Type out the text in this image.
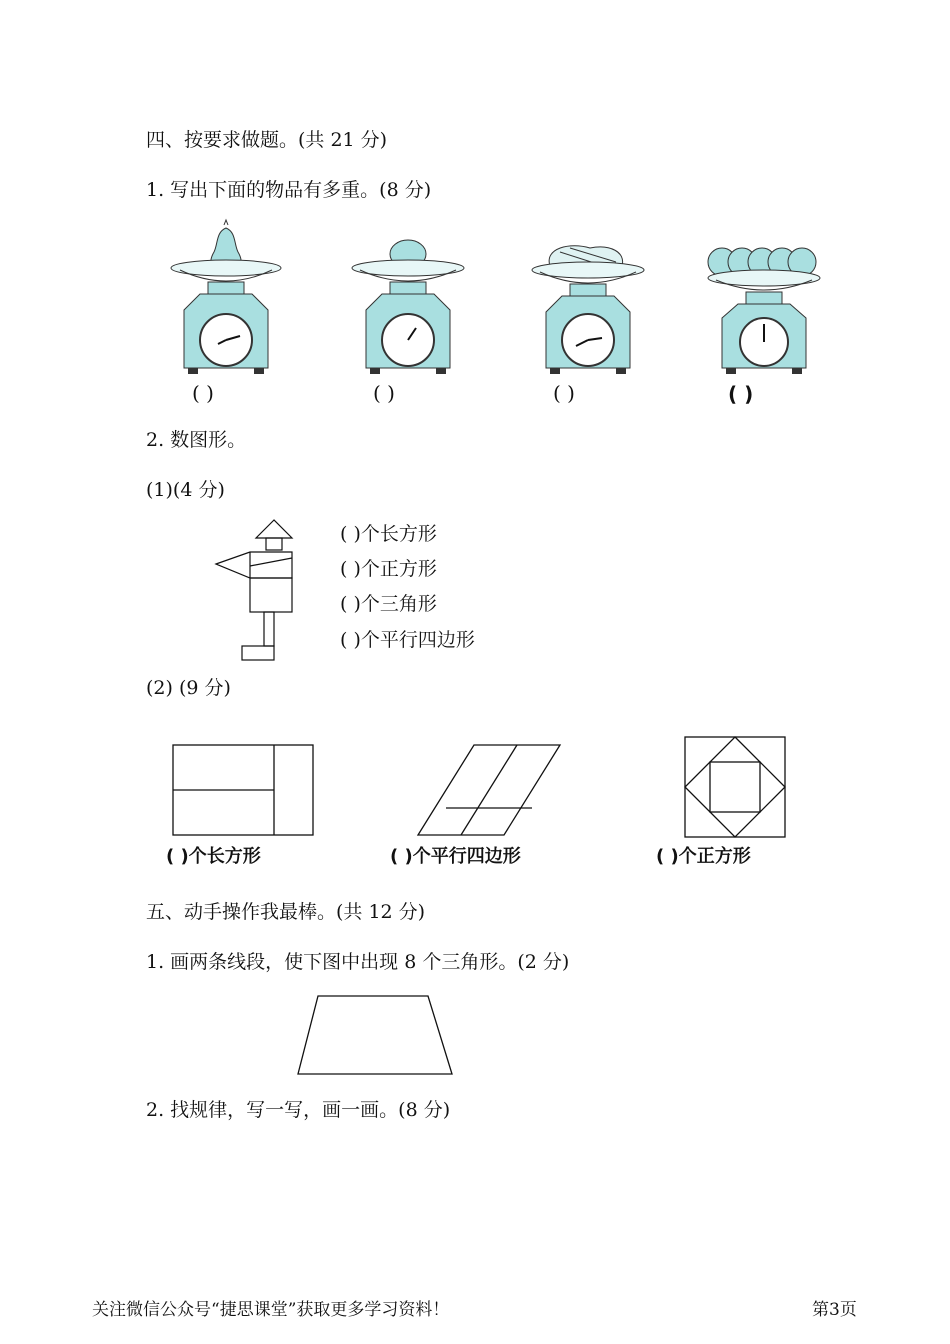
四、按要求做题。(共 21 分)
1. 写出下面的物品有多重。(8 分)
( )	( )	( )	( )
2. 数图形。
(1)(4 分)
( )个长方形
( )个正方形
( )个三角形
( )个平行四边形
(2) (9 分)
( )个长方形	( )个平行四边形	( )个正方形
五、动手操作我最棒。(共 12 分)
1. 画两条线段，使下图中出现 8 个三角形。(2 分)
2. 找规律，写一写，画一画。(8 分)
关注微信公众号“捷思课堂”获取更多学习资料！	第3页
